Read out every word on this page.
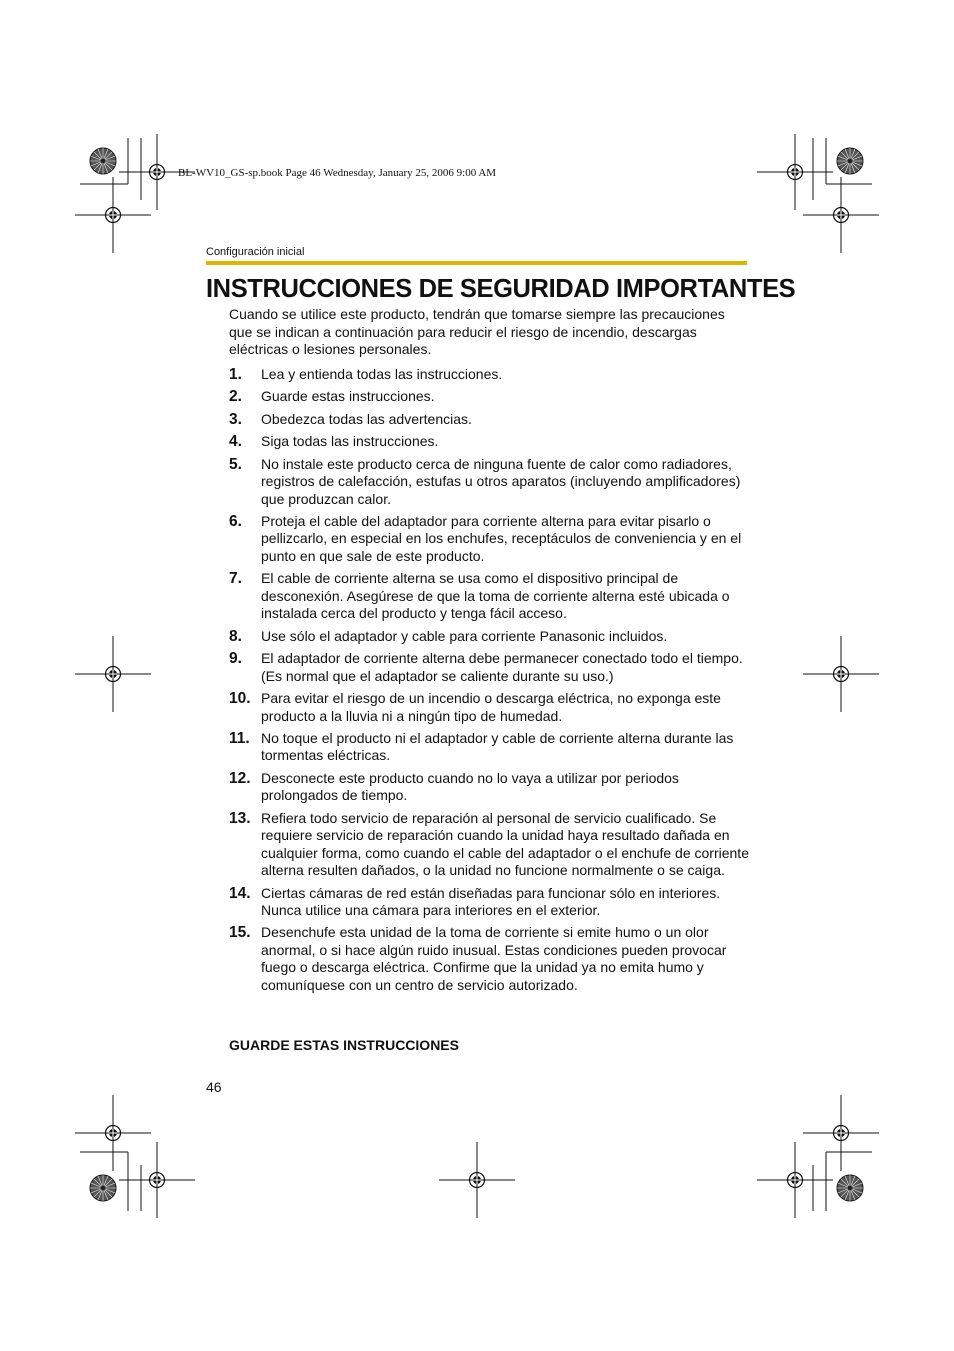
BL-WV10_GS-sp.book Page 46 Wednesday, January 25, 2006 9:00 AM
Configuración inicial
INSTRUCCIONES DE SEGURIDAD IMPORTANTES

Cuando se utilice este producto, tendrán que tomarse siempre las precauciones que se indican a continuación para reducir el riesgo de incendio, descargas eléctricas o lesiones personales.

1.	Lea y entienda todas las instrucciones.
2.	Guarde estas instrucciones.
3.	Obedezca todas las advertencias.
4.	Siga todas las instrucciones.
5.	No instale este producto cerca de ninguna fuente de calor como radiadores, registros de calefacción, estufas u otros aparatos (incluyendo amplificadores) que produzcan calor.
6.	Proteja el cable del adaptador para corriente alterna para evitar pisarlo o pellizcarlo, en especial en los enchufes, receptáculos de conveniencia y en el punto en que sale de este producto.
7.	El cable de corriente alterna se usa como el dispositivo principal de desconexión. Asegúrese de que la toma de corriente alterna esté ubicada o instalada cerca del producto y tenga fácil acceso.
8.	Use sólo el adaptador y cable para corriente Panasonic incluidos.
9.	El adaptador de corriente alterna debe permanecer conectado todo el tiempo. (Es normal que el adaptador se caliente durante su uso.)
10. Para evitar el riesgo de un incendio o descarga eléctrica, no exponga este producto a la lluvia ni a ningún tipo de humedad.
11. No toque el producto ni el adaptador y cable de corriente alterna durante las tormentas eléctricas.
12. Desconecte este producto cuando no lo vaya a utilizar por periodos prolongados de tiempo.
13. Refiera todo servicio de reparación al personal de servicio cualificado. Se requiere servicio de reparación cuando la unidad haya resultado dañada en cualquier forma, como cuando el cable del adaptador o el enchufe de corriente alterna resulten dañados, o la unidad no funcione normalmente o se caiga.
14. Ciertas cámaras de red están diseñadas para funcionar sólo en interiores. Nunca utilice una cámara para interiores en el exterior.
15. Desenchufe esta unidad de la toma de corriente si emite humo o un olor anormal, o si hace algún ruido inusual. Estas condiciones pueden provocar fuego o descarga eléctrica. Confirme que la unidad ya no emita humo y comuníquese con un centro de servicio autorizado.

GUARDE ESTAS INSTRUCCIONES

46
